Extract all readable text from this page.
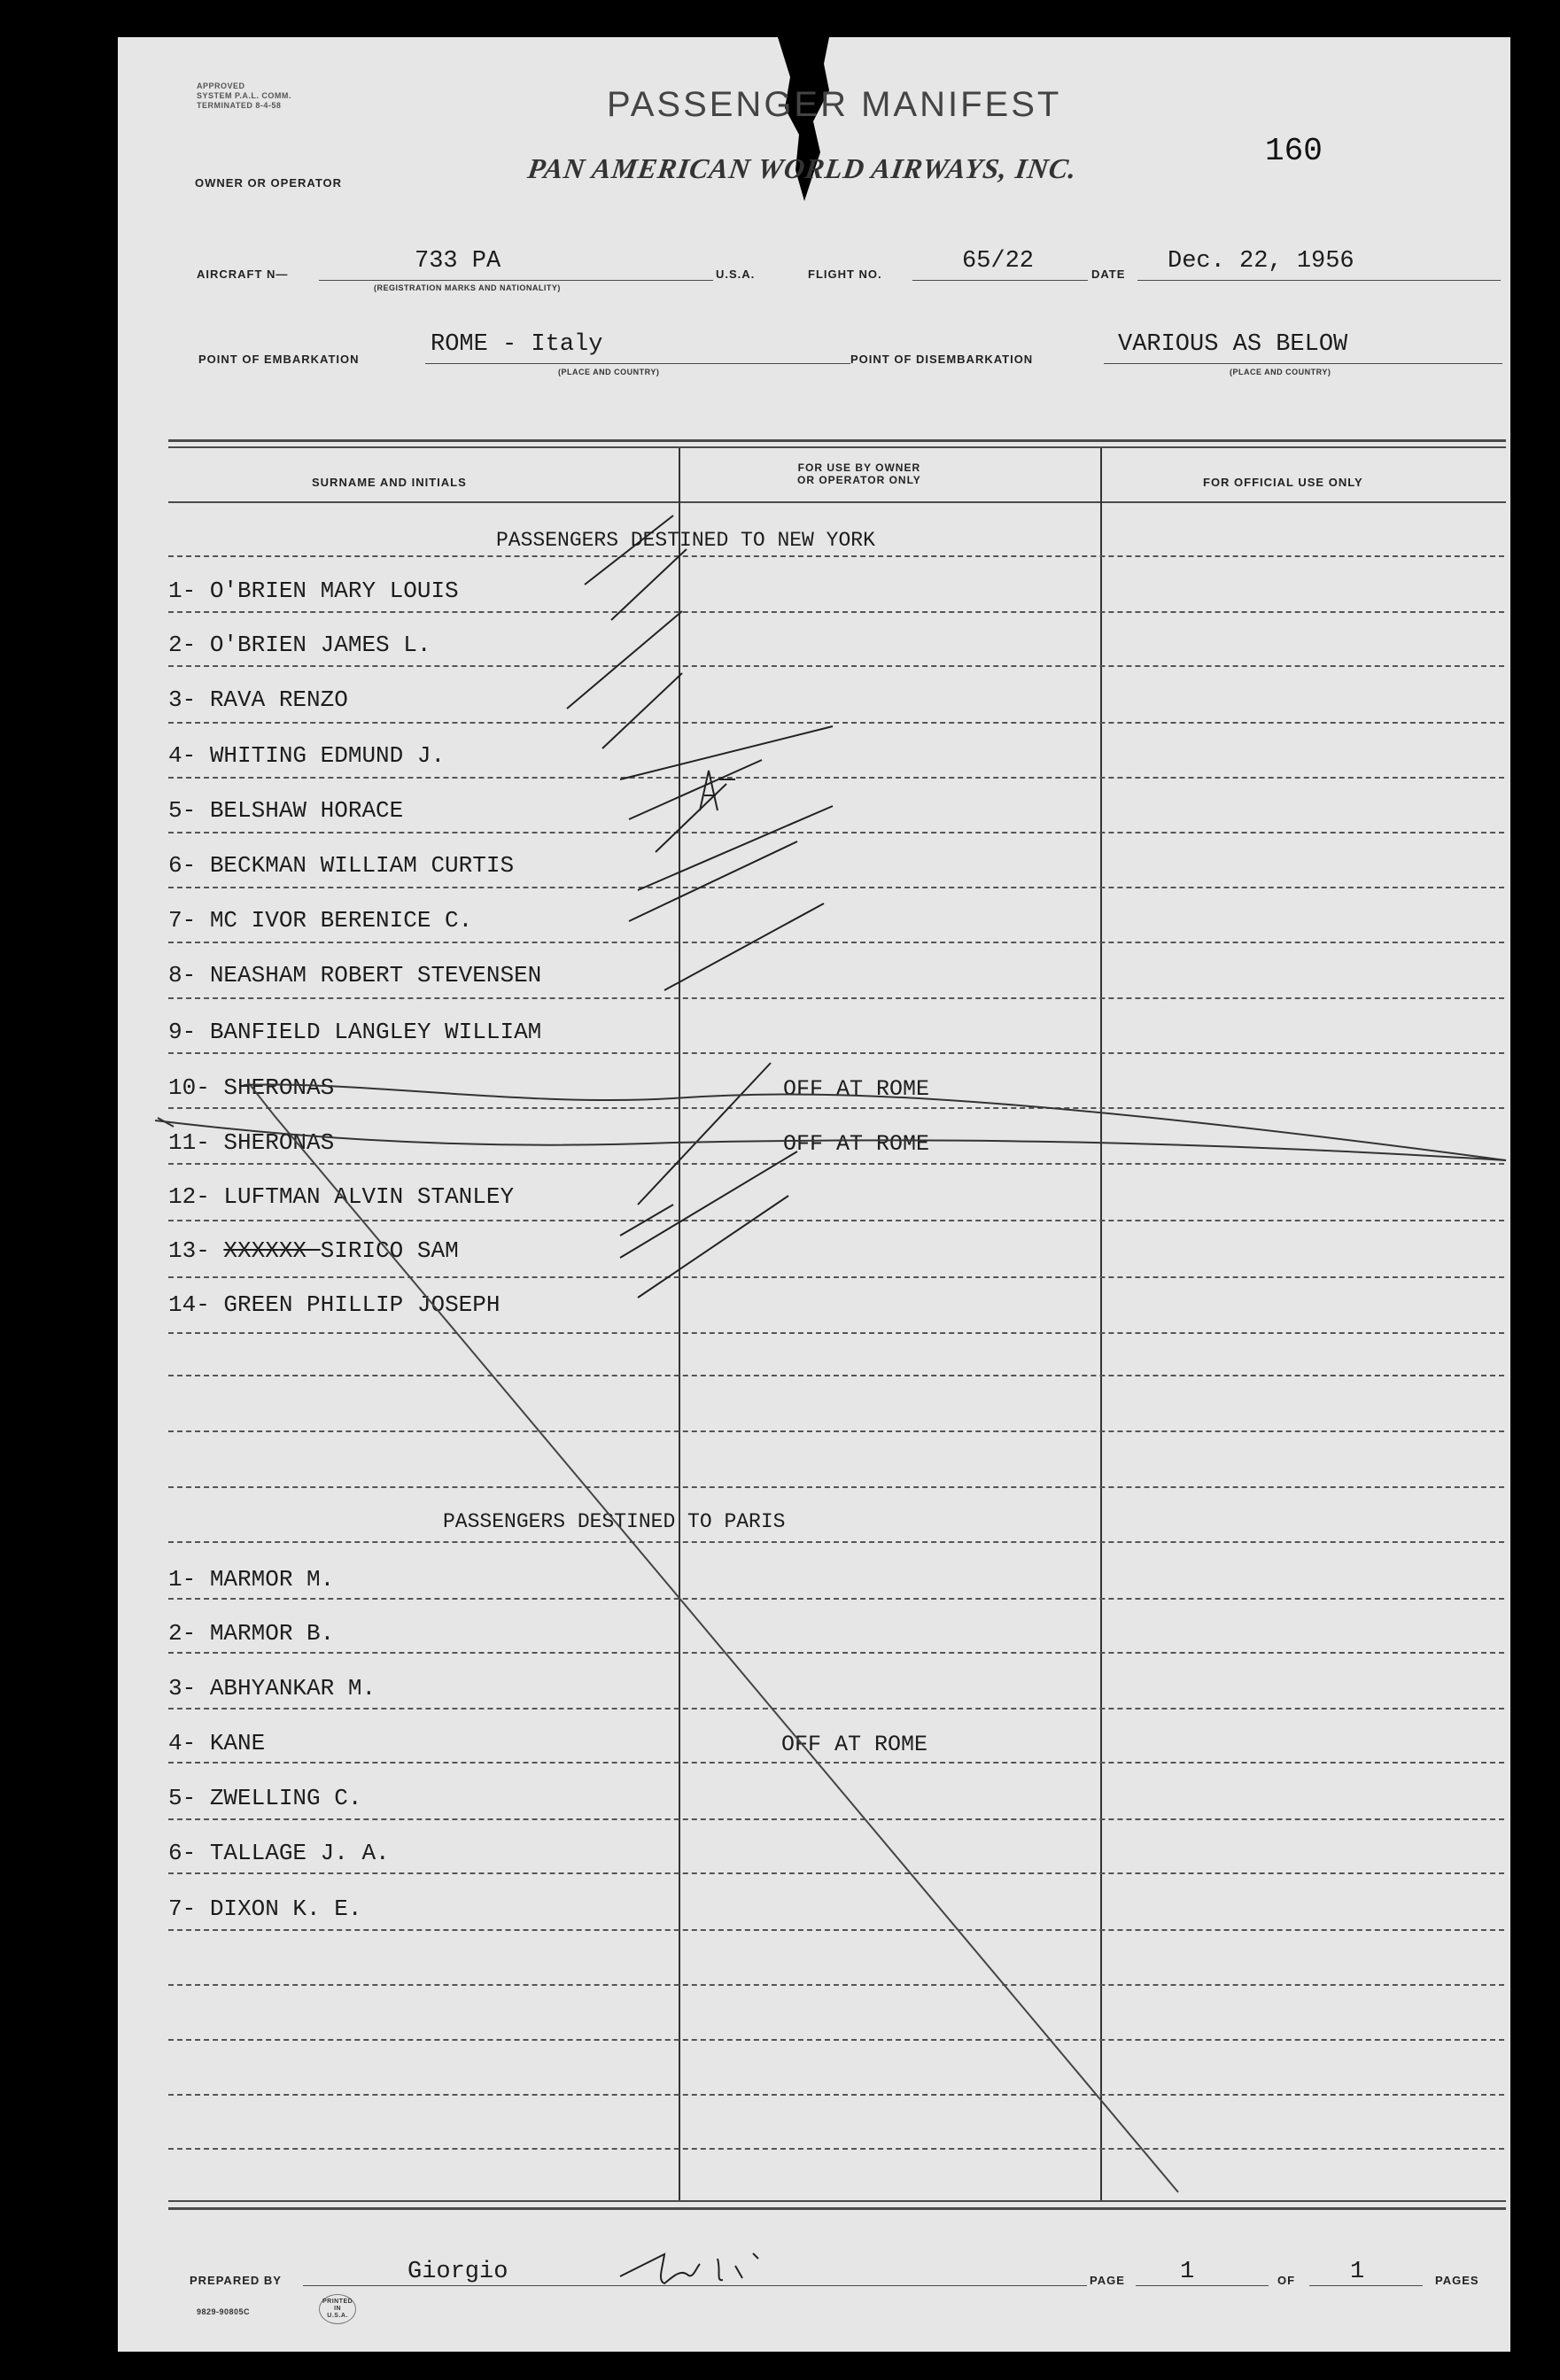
APPROVED
SYSTEM P.A.L. COMM.
TERMINATED 8-4-58
OWNER OR OPERATOR
PASSENGER MANIFEST
PAN AMERICAN WORLD AIRWAYS, INC.	160
AIRCRAFT N—	733 PA
(REGISTRATION MARKS AND NATIONALITY)
U.S.A.	FLIGHT NO.	65/22	DATE Dec. 22, 1956
POINT OF EMBARKATION
ROME - Italy
(PLACE AND COUNTRY)
POINT OF DISEMBARKATION
VARIOUS AS BELOW
(PLACE AND COUNTRY)
SURNAME AND INITIALS
FOR USE BY OWNER
OR OPERATOR ONLY	FOR OFFICIAL USE ONLY
PASSENGERS DESTINED TO NEW YORK
1- O'BRIEN MARY LOUIS
2- O'BRIEN JAMES L.
3- RAVA RENZO
4- WHITING EDMUND J.
5- BELSHAW HORACE
6- BECKMAN WILLIAM CURTIS
7- MC IVOR BERENICE C.
8- NEASHAM ROBERT STEVENSEN
9- BANFIELD LANGLEY WILLIAM
10- SHERONAS	OFF AT ROME
11- SHERONAS	OFF AT ROME
12- LUFTMAN ALVIN STANLEY
13- XXXXXX SIRICO SAM
14- GREEN PHILLIP JOSEPH
PASSENGERS DESTINED TO PARIS
1- MARMOR M.
2- MARMOR B.
3- ABHYANKAR M.
4- KANE	OFF AT ROME
5- ZWELLING C.
6- TALLAGE J. A.
7- DIXON K. E.
PREPARED BY	Giorgio	PAGE 1	OF 1	PAGES
9829-90805C
PRINTED
IN
U.S.A.
